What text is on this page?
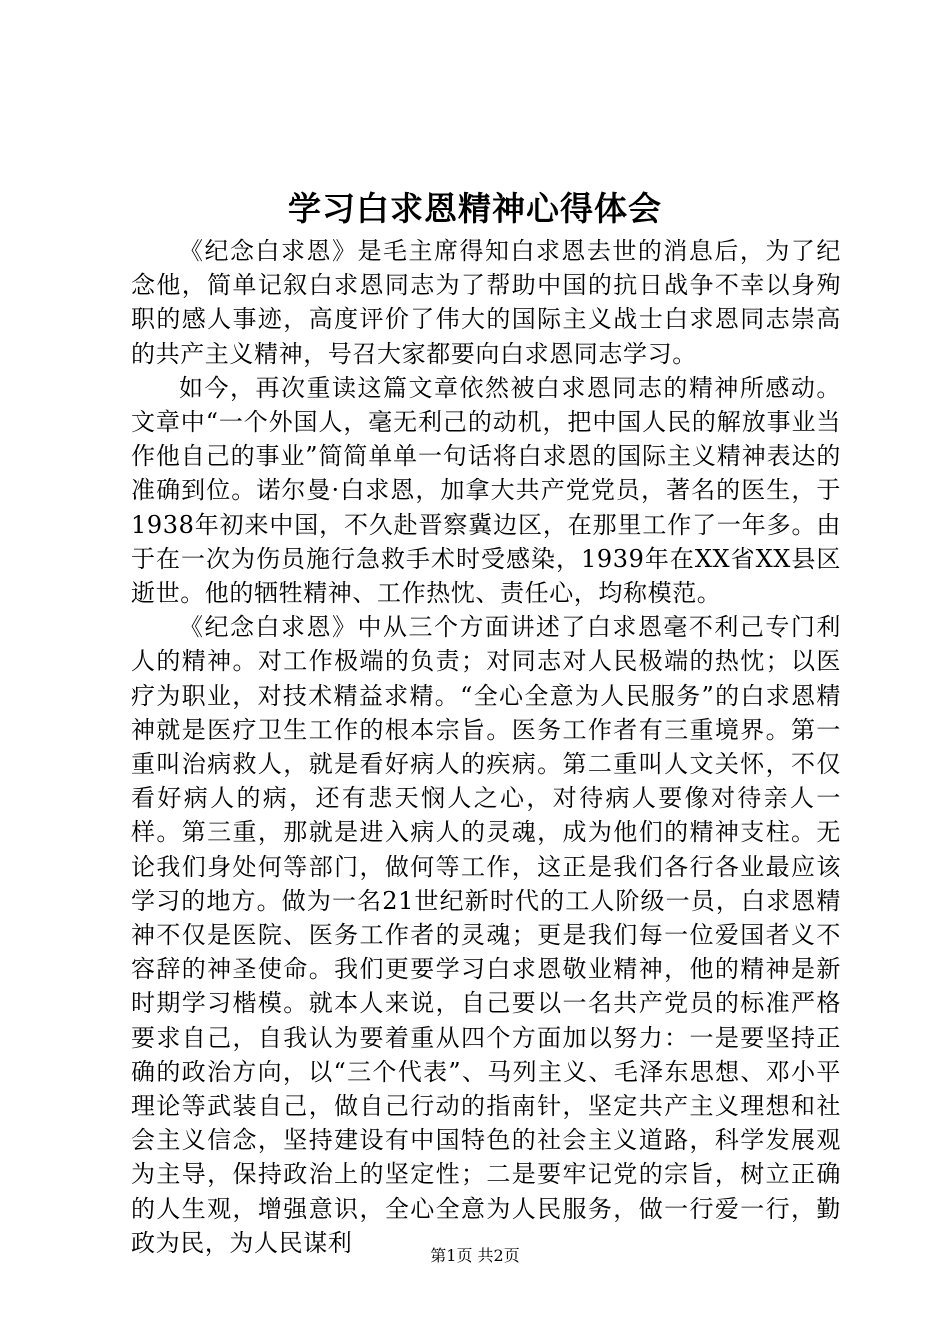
学习白求恩精神心得体会

《纪念白求恩》是毛主席得知白求恩去世的消息后，为了纪念他，简单记叙白求恩同志为了帮助中国的抗日战争不幸以身殉职的感人事迹，高度评价了伟大的国际主义战士白求恩同志崇高的共产主义精神，号召大家都要向白求恩同志学习。

如今，再次重读这篇文章依然被白求恩同志的精神所感动。文章中“一个外国人，毫无利己的动机，把中国人民的解放事业当作他自己的事业”简简单单一句话将白求恩的国际主义精神表达的准确到位。诺尔曼·白求恩，加拿大共产党党员，著名的医生，于1938年初来中国，不久赴晋察冀边区，在那里工作了一年多。由于在一次为伤员施行急救手术时受感染，1939年在XX省XX县区逝世。他的牺牲精神、工作热忱、责任心，均称模范。

《纪念白求恩》中从三个方面讲述了白求恩毫不利己专门利人的精神。对工作极端的负责；对同志对人民极端的热忱；以医疗为职业，对技术精益求精。“全心全意为人民服务”的白求恩精神就是医疗卫生工作的根本宗旨。医务工作者有三重境界。第一重叫治病救人，就是看好病人的疾病。第二重叫人文关怀，不仅看好病人的病，还有悲天悯人之心，对待病人要像对待亲人一样。第三重，那就是进入病人的灵魂，成为他们的精神支柱。无论我们身处何等部门，做何等工作，这正是我们各行各业最应该学习的地方。做为一名21世纪新时代的工人阶级一员，白求恩精神不仅是医院、医务工作者的灵魂；更是我们每一位爱国者义不容辞的神圣使命。我们更要学习白求恩敬业精神，他的精神是新时期学习楷模。就本人来说，自己要以一名共产党员的标准严格要求自己，自我认为要着重从四个方面加以努力：一是要坚持正确的政治方向，以“三个代表”、马列主义、毛泽东思想、邓小平理论等武装自己，做自己行动的指南针，坚定共产主义理想和社会主义信念，坚持建设有中国特色的社会主义道路，科学发展观为主导，保持政治上的坚定性；二是要牢记党的宗旨，树立正确的人生观，增强意识，全心全意为人民服务，做一行爱一行，勤政为民，为人民谋利	第1页 共2页
